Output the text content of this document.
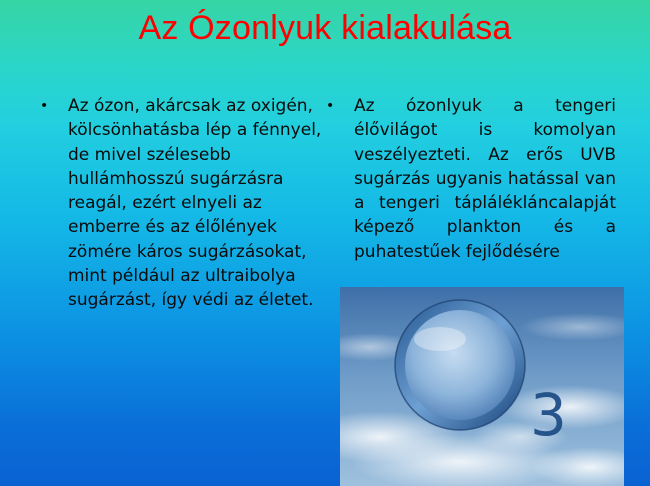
Az Ózonlyuk kialakulása
• Az ózon, akárcsak az oxigén, kölcsönhatásba lép a fénnyel, de mivel szélesebb hullámhosszú sugárzásra reagál, ezért elnyeli az emberre és az élőlények zömére káros sugárzásokat, mint például az ultraibolya sugárzást, így védi az életet.
• Az ózonlyuk a tengeri élővilágot is komolyan veszélyezteti. Az erős UVB sugárzás ugyanis hatással van a tengeri táplálékláncalapját képező plankton és a puhatestűek fejlődésére
3
